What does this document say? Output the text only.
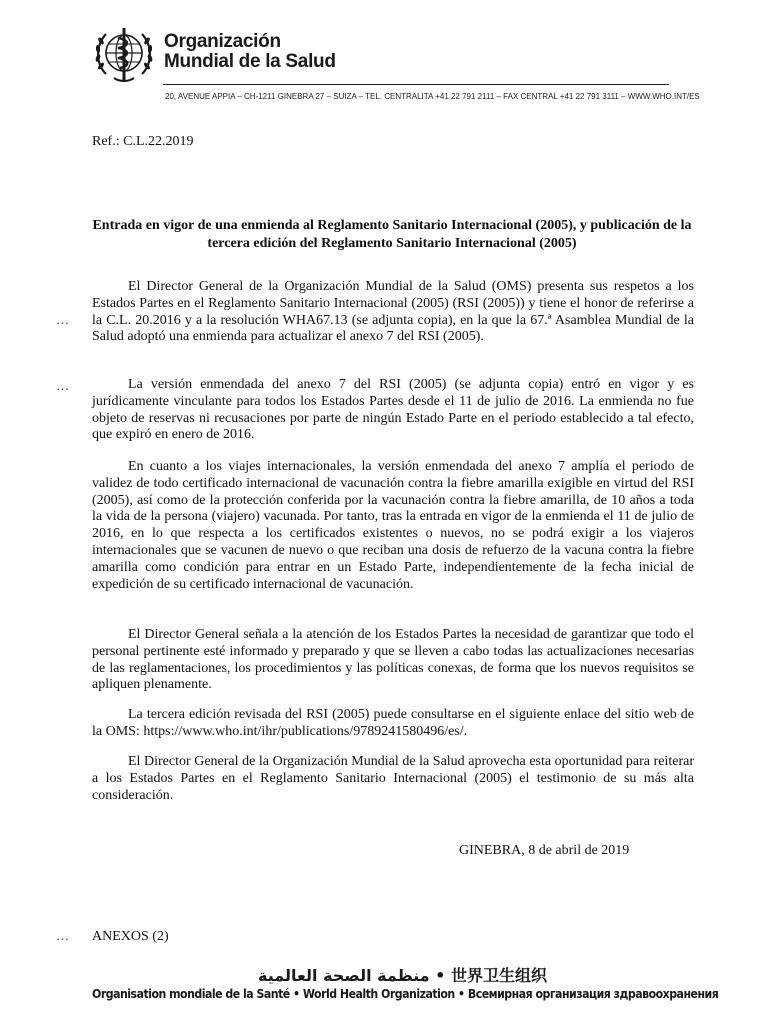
Organización
Mundial de la Salud
20, AVENUE APPIA – CH-1211 GINEBRA 27 – SUIZA – TEL. CENTRALITA +41 22 791 2111 – FAX CENTRAL +41 22 791 3111 – WWW.WHO.INT/ES
Ref.: C.L.22.2019
Entrada en vigor de una enmienda al Reglamento Sanitario Internacional (2005), y publicación de la tercera edición del Reglamento Sanitario Internacional (2005)
…
…
…
El Director General de la Organización Mundial de la Salud (OMS) presenta sus respetos a los Estados Partes en el Reglamento Sanitario Internacional (2005) (RSI (2005)) y tiene el honor de referirse a la C.L. 20.2016 y a la resolución WHA67.13 (se adjunta copia), en la que la 67.ª Asamblea Mundial de la Salud adoptó una enmienda para actualizar el anexo 7 del RSI (2005).
La versión enmendada del anexo 7 del RSI (2005) (se adjunta copia) entró en vigor y es jurídicamente vinculante para todos los Estados Partes desde el 11 de julio de 2016. La enmienda no fue objeto de reservas ni recusaciones por parte de ningún Estado Parte en el periodo establecido a tal efecto, que expiró en enero de 2016.
En cuanto a los viajes internacionales, la versión enmendada del anexo 7 amplía el periodo de validez de todo certificado internacional de vacunación contra la fiebre amarilla exigible en virtud del RSI (2005), así como de la protección conferida por la vacunación contra la fiebre amarilla, de 10 años a toda la vida de la persona (viajero) vacunada. Por tanto, tras la entrada en vigor de la enmienda el 11 de julio de 2016, en lo que respecta a los certificados existentes o nuevos, no se podrá exigir a los viajeros internacionales que se vacunen de nuevo o que reciban una dosis de refuerzo de la vacuna contra la fiebre amarilla como condición para entrar en un Estado Parte, independientemente de la fecha inicial de expedición de su certificado internacional de vacunación.
El Director General señala a la atención de los Estados Partes la necesidad de garantizar que todo el personal pertinente esté informado y preparado y que se lleven a cabo todas las actualizaciones necesarias de las reglamentaciones, los procedimientos y las políticas conexas, de forma que los nuevos requisitos se apliquen plenamente.
La tercera edición revisada del RSI (2005) puede consultarse en el siguiente enlace del sitio web de la OMS: https://www.who.int/ihr/publications/9789241580496/es/.
El Director General de la Organización Mundial de la Salud aprovecha esta oportunidad para reiterar a los Estados Partes en el Reglamento Sanitario Internacional (2005) el testimonio de su más alta consideración.
GINEBRA, 8 de abril de 2019
ANEXOS (2)
منظمة الصحة العالمية • 世界卫生组织
Organisation mondiale de la Santé • World Health Organization • Всемирная организация здравоохранения
